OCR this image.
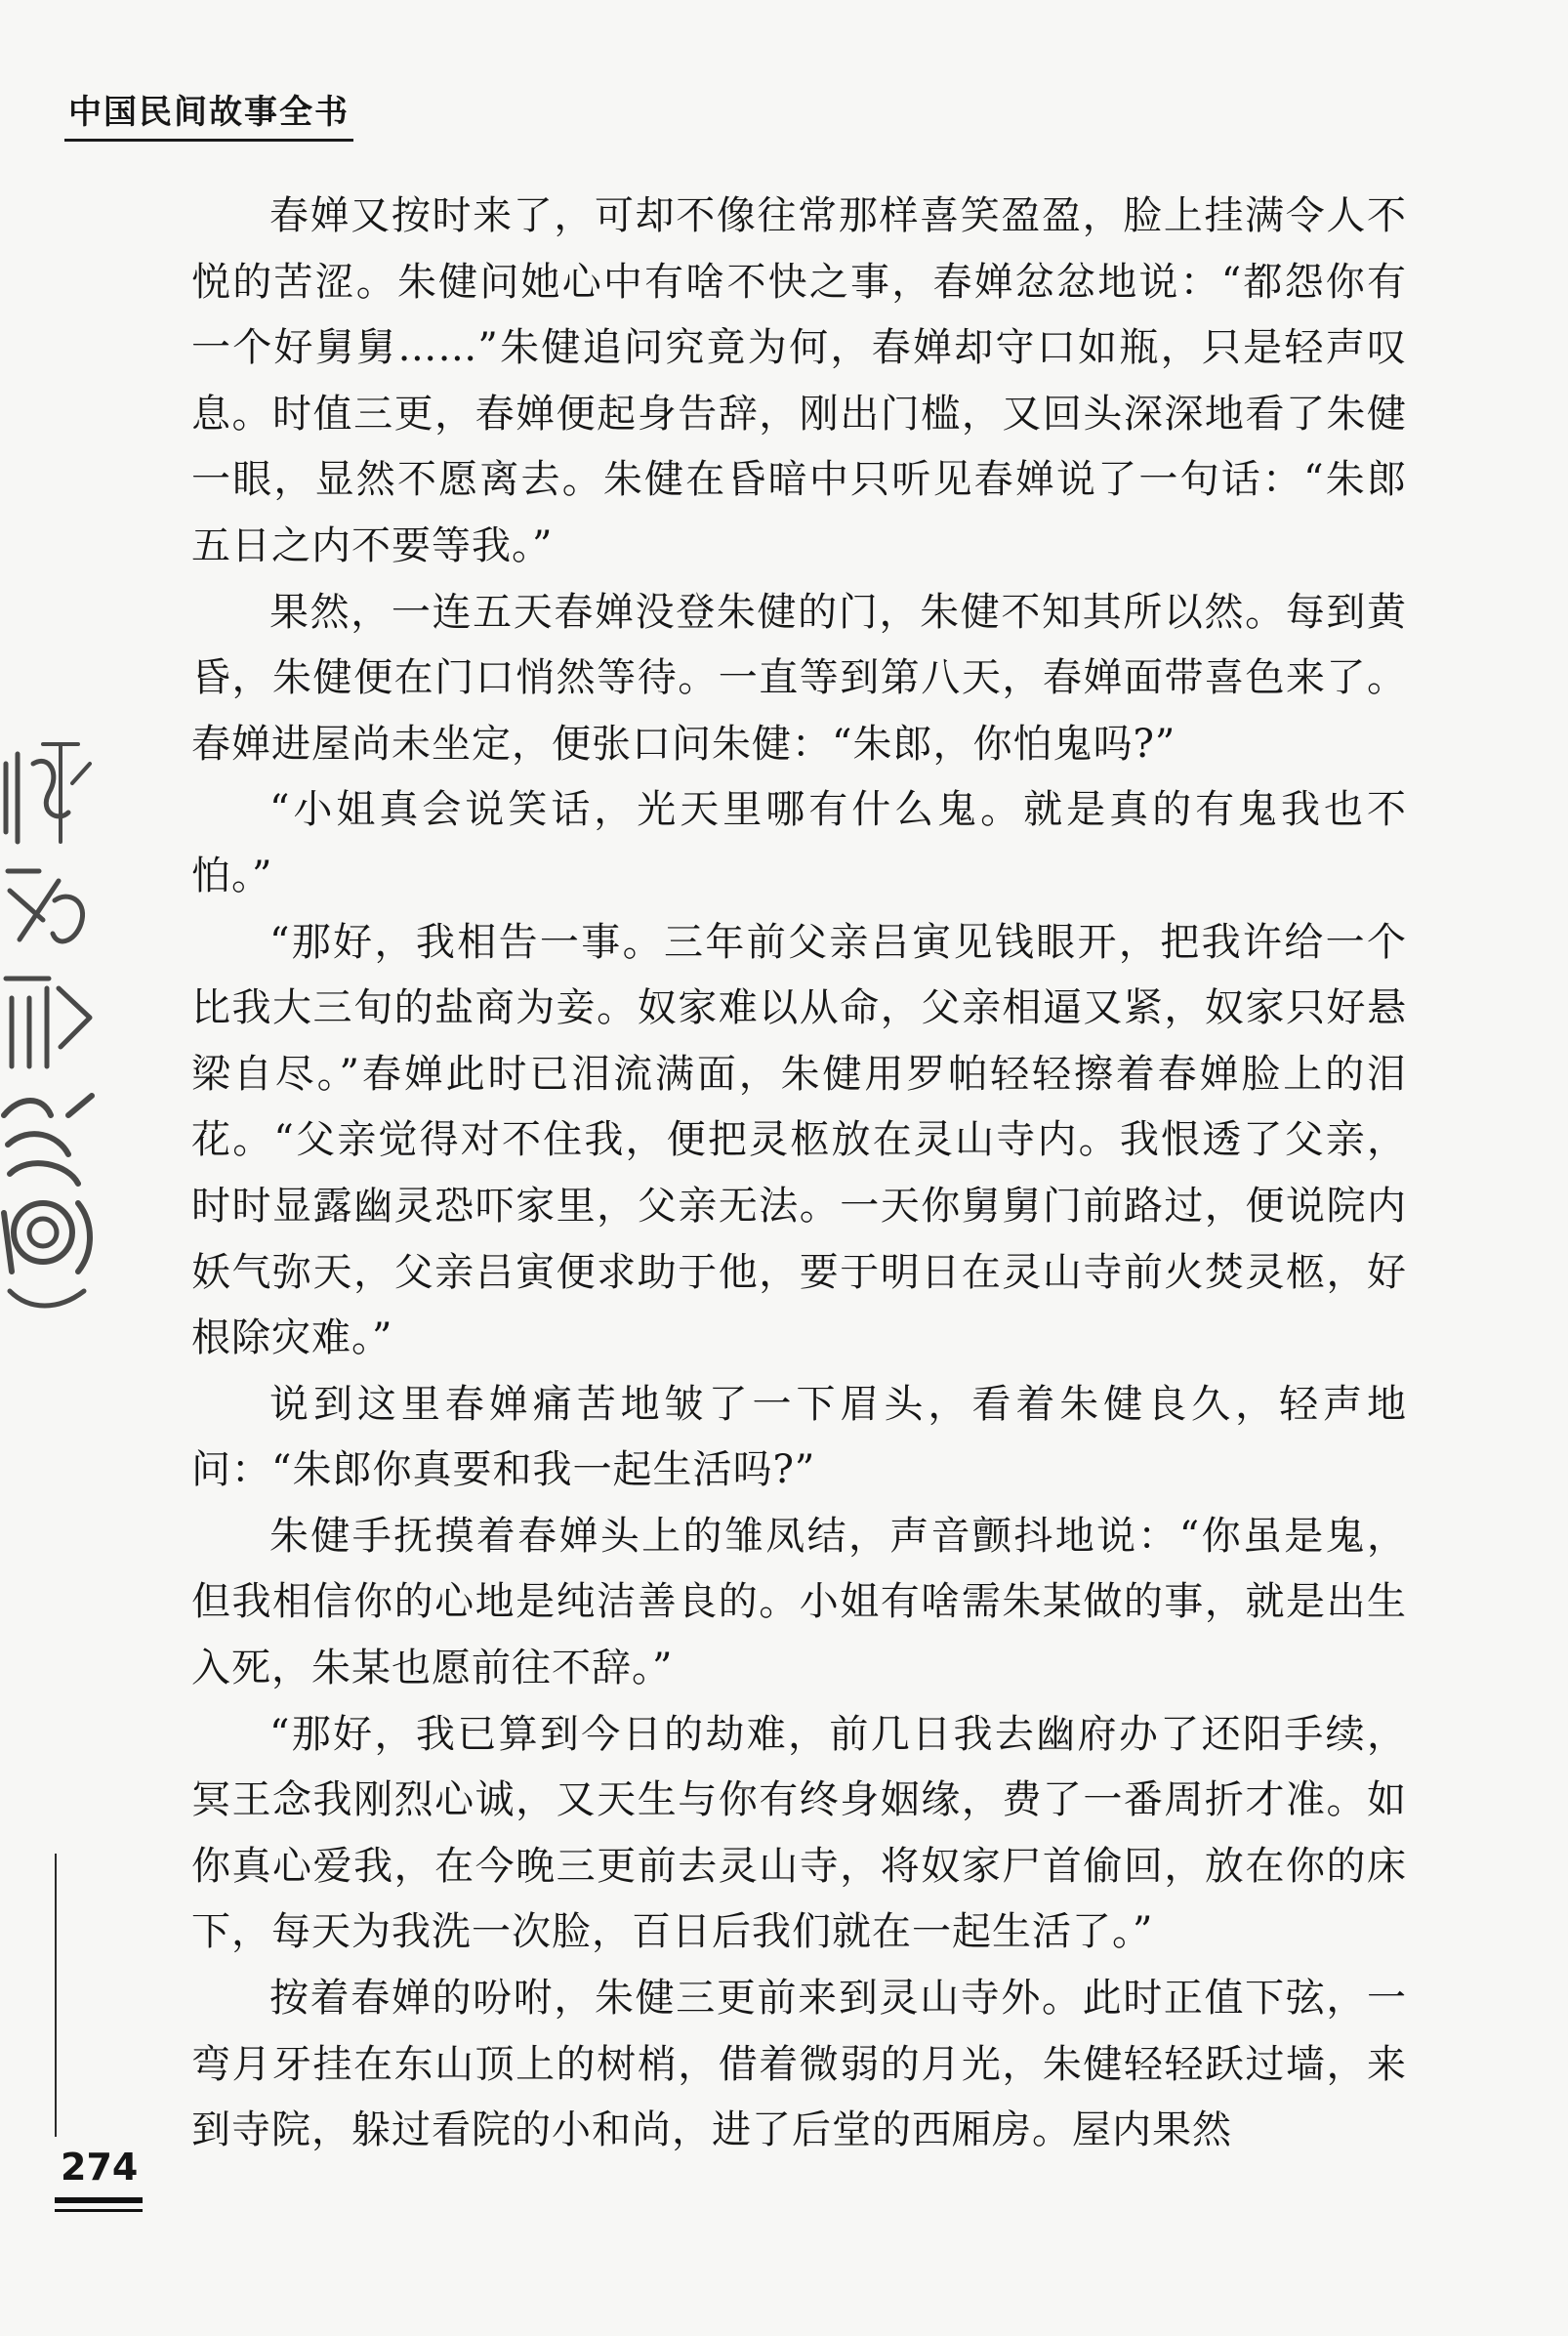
中国民间故事全书

春婵又按时来了，可却不像往常那样喜笑盈盈，脸上挂满令人不悦的苦涩。朱健问她心中有啥不快之事，春婵忿忿地说：“都怨你有一个好舅舅……”朱健追问究竟为何，春婵却守口如瓶，只是轻声叹息。时值三更，春婵便起身告辞，刚出门槛，又回头深深地看了朱健一眼，显然不愿离去。朱健在昏暗中只听见春婵说了一句话：“朱郎五日之内不要等我。”

果然，一连五天春婵没登朱健的门，朱健不知其所以然。每到黄昏，朱健便在门口悄然等待。一直等到第八天，春婵面带喜色来了。春婵进屋尚未坐定，便张口问朱健：“朱郎，你怕鬼吗?”

“小姐真会说笑话，光天里哪有什么鬼。就是真的有鬼我也不怕。”

“那好，我相告一事。三年前父亲吕寅见钱眼开，把我许给一个比我大三旬的盐商为妾。奴家难以从命，父亲相逼又紧，奴家只好悬梁自尽。”春婵此时已泪流满面，朱健用罗帕轻轻擦着春婵脸上的泪花。“父亲觉得对不住我，便把灵柩放在灵山寺内。我恨透了父亲，时时显露幽灵恐吓家里，父亲无法。一天你舅舅门前路过，便说院内妖气弥天，父亲吕寅便求助于他，要于明日在灵山寺前火焚灵柩，好根除灾难。”

说到这里春婵痛苦地皱了一下眉头，看着朱健良久，轻声地问：“朱郎你真要和我一起生活吗?”

朱健手抚摸着春婵头上的雏凤结，声音颤抖地说：“你虽是鬼，但我相信你的心地是纯洁善良的。小姐有啥需朱某做的事，就是出生入死，朱某也愿前往不辞。”

“那好，我已算到今日的劫难，前几日我去幽府办了还阳手续，冥王念我刚烈心诚，又天生与你有终身姻缘，费了一番周折才准。如你真心爱我，在今晚三更前去灵山寺，将奴家尸首偷回，放在你的床下，每天为我洗一次脸，百日后我们就在一起生活了。”

按着春婵的吩咐，朱健三更前来到灵山寺外。此时正值下弦，一弯月牙挂在东山顶上的树梢，借着微弱的月光，朱健轻轻跃过墙，来到寺院，躲过看院的小和尚，进了后堂的西厢房。屋内果然

274
